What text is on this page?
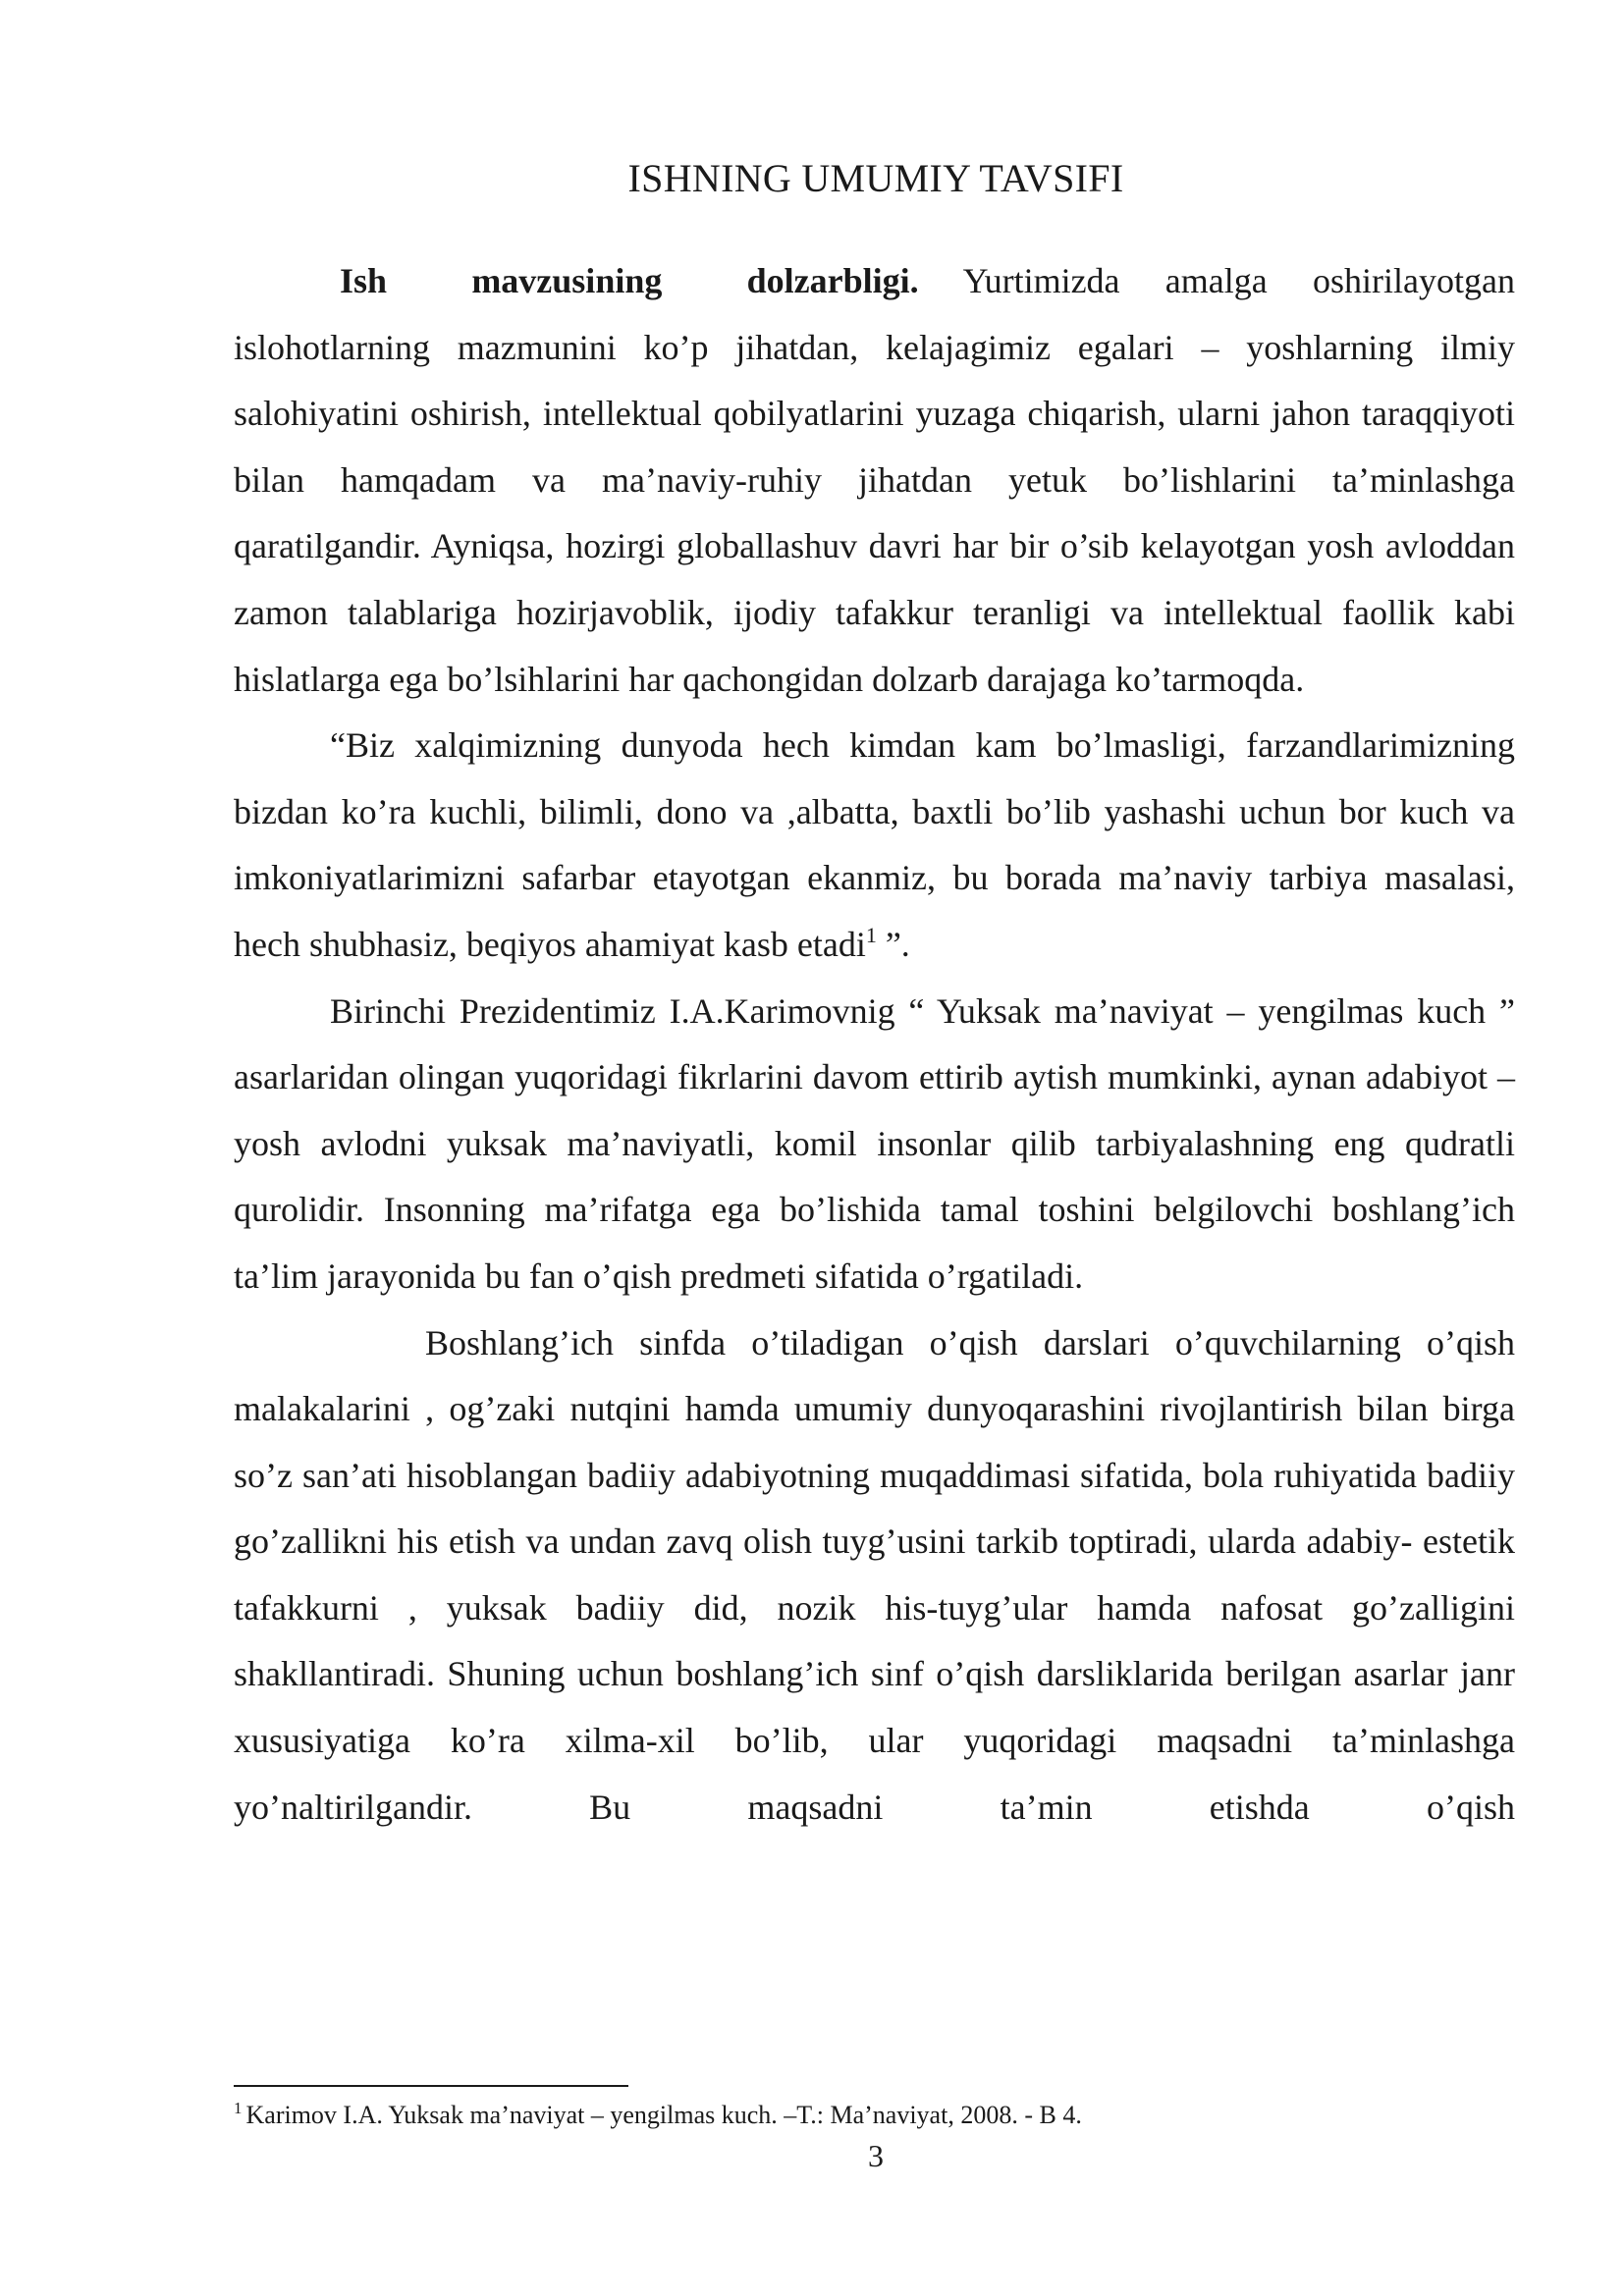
ISHNING UMUMIY TAVSIFI

Ish mavzusining dolzarbligi. Yurtimizda amalga oshirilayotgan islohotlarning mazmunini ko’p jihatdan, kelajagimiz egalari – yoshlarning ilmiy salohiyatini oshirish, intellektual qobilyatlarini yuzaga chiqarish, ularni jahon taraqqiyoti bilan hamqadam va ma’naviy-ruhiy jihatdan yetuk bo’lishlarini ta’minlashga qaratilgandir. Ayniqsa, hozirgi globallashuv davri har bir o’sib kelayotgan yosh avloddan zamon talablariga hozirjavoblik, ijodiy tafakkur teranligi va intellektual faollik kabi hislatlarga ega bo’lsihlarini har qachongidan dolzarb darajaga ko’tarmoqda.

“Biz xalqimizning dunyoda hech kimdan kam bo’lmasligi, farzandlarimizning bizdan ko’ra kuchli, bilimli, dono va ,albatta, baxtli bo’lib yashashi uchun bor kuch va imkoniyatlarimizni safarbar etayotgan ekanmiz, bu borada ma’naviy tarbiya masalasi, hech shubhasiz, beqiyos ahamiyat kasb etadi$^1$ ”.

Birinchi Prezidentimiz I.A.Karimovnig “ Yuksak ma’naviyat – yengilmas kuch ” asarlaridan olingan yuqoridagi fikrlarini davom ettirib aytish mumkinki, aynan adabiyot – yosh avlodni yuksak ma’naviyatli, komil insonlar qilib tarbiyalashning eng qudratli qurolidir. Insonning ma’rifatga ega bo’lishida tamal toshini belgilovchi boshlang’ich ta’lim jarayonida bu fan o’qish predmeti sifatida o’rgatiladi.

Boshlang’ich sinfda o’tiladigan o’qish darslari o’quvchilarning o’qish malakalarini , og’zaki nutqini hamda umumiy dunyoqarashini rivojlantirish bilan birga so’z san’ati hisoblangan badiiy adabiyotning muqaddimasi sifatida, bola ruhiyatida badiiy go’zallikni his etish va undan zavq olish tuyg’usini tarkib toptiradi, ularda adabiy- estetik tafakkurni , yuksak badiiy did, nozik his-tuyg’ular hamda nafosat go’zalligini shakllantiradi. Shuning uchun boshlang’ich sinf o’qish darsliklarida berilgan asarlar janr xususiyatiga ko’ra xilma-xil bo’lib, ular yuqoridagi maqsadni ta’minlashga yo’naltirilgandir. Bu maqsadni ta’min etishda o’qish

$^1$ Karimov I.A. Yuksak ma’naviyat – yengilmas kuch. –T.: Ma’naviyat, 2008. - B 4.
3
